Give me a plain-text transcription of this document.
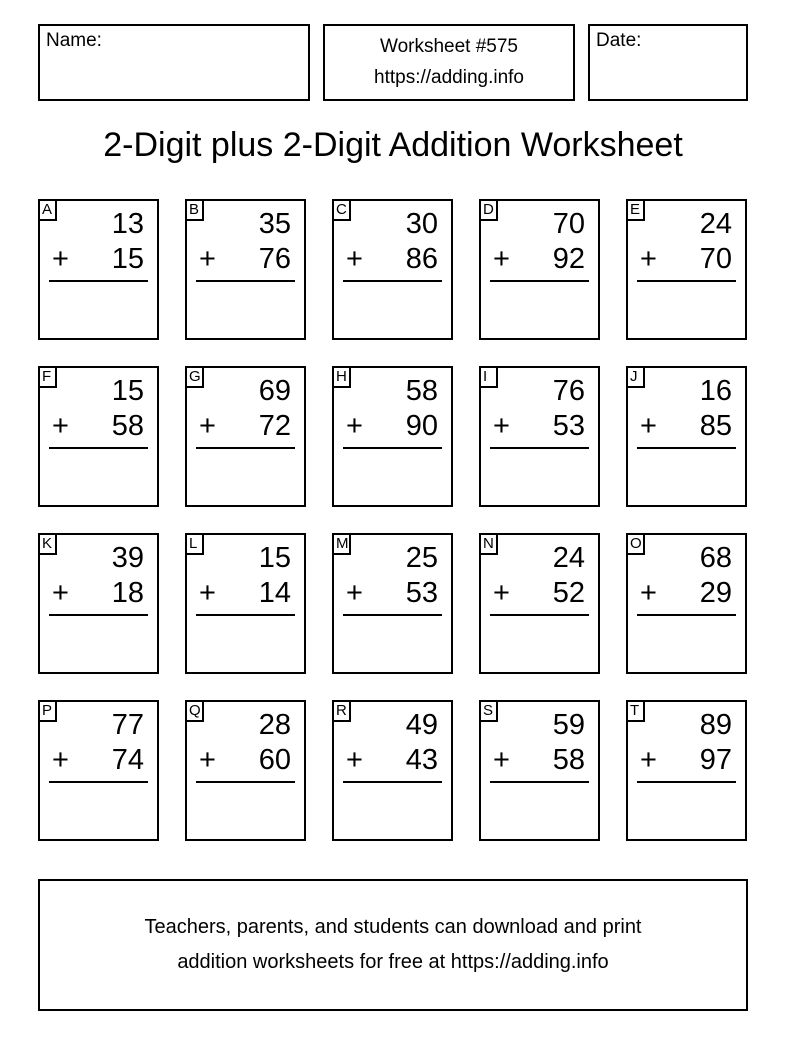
Name:	Worksheet #575
https://adding.info
Date:
2-Digit plus 2-Digit Addition Worksheet
A 13
+ 15
B 35
+ 76
C 30
+ 86
D 70
+ 92
E 24
+ 70
F 15
+ 58
G 69
+ 72
H 58
+ 90
I	76
+ 53
J 16
+ 85
K 39
+ 18
L 15
+ 14
M 25
+ 53
N 24
+ 52
O 68
+ 29
P 77
+ 74
Q 28
+ 60
R 49
+ 43
S 59
+ 58
T 89
+ 97
Teachers, parents, and students can download and print
addition worksheets for free at https://adding.info
